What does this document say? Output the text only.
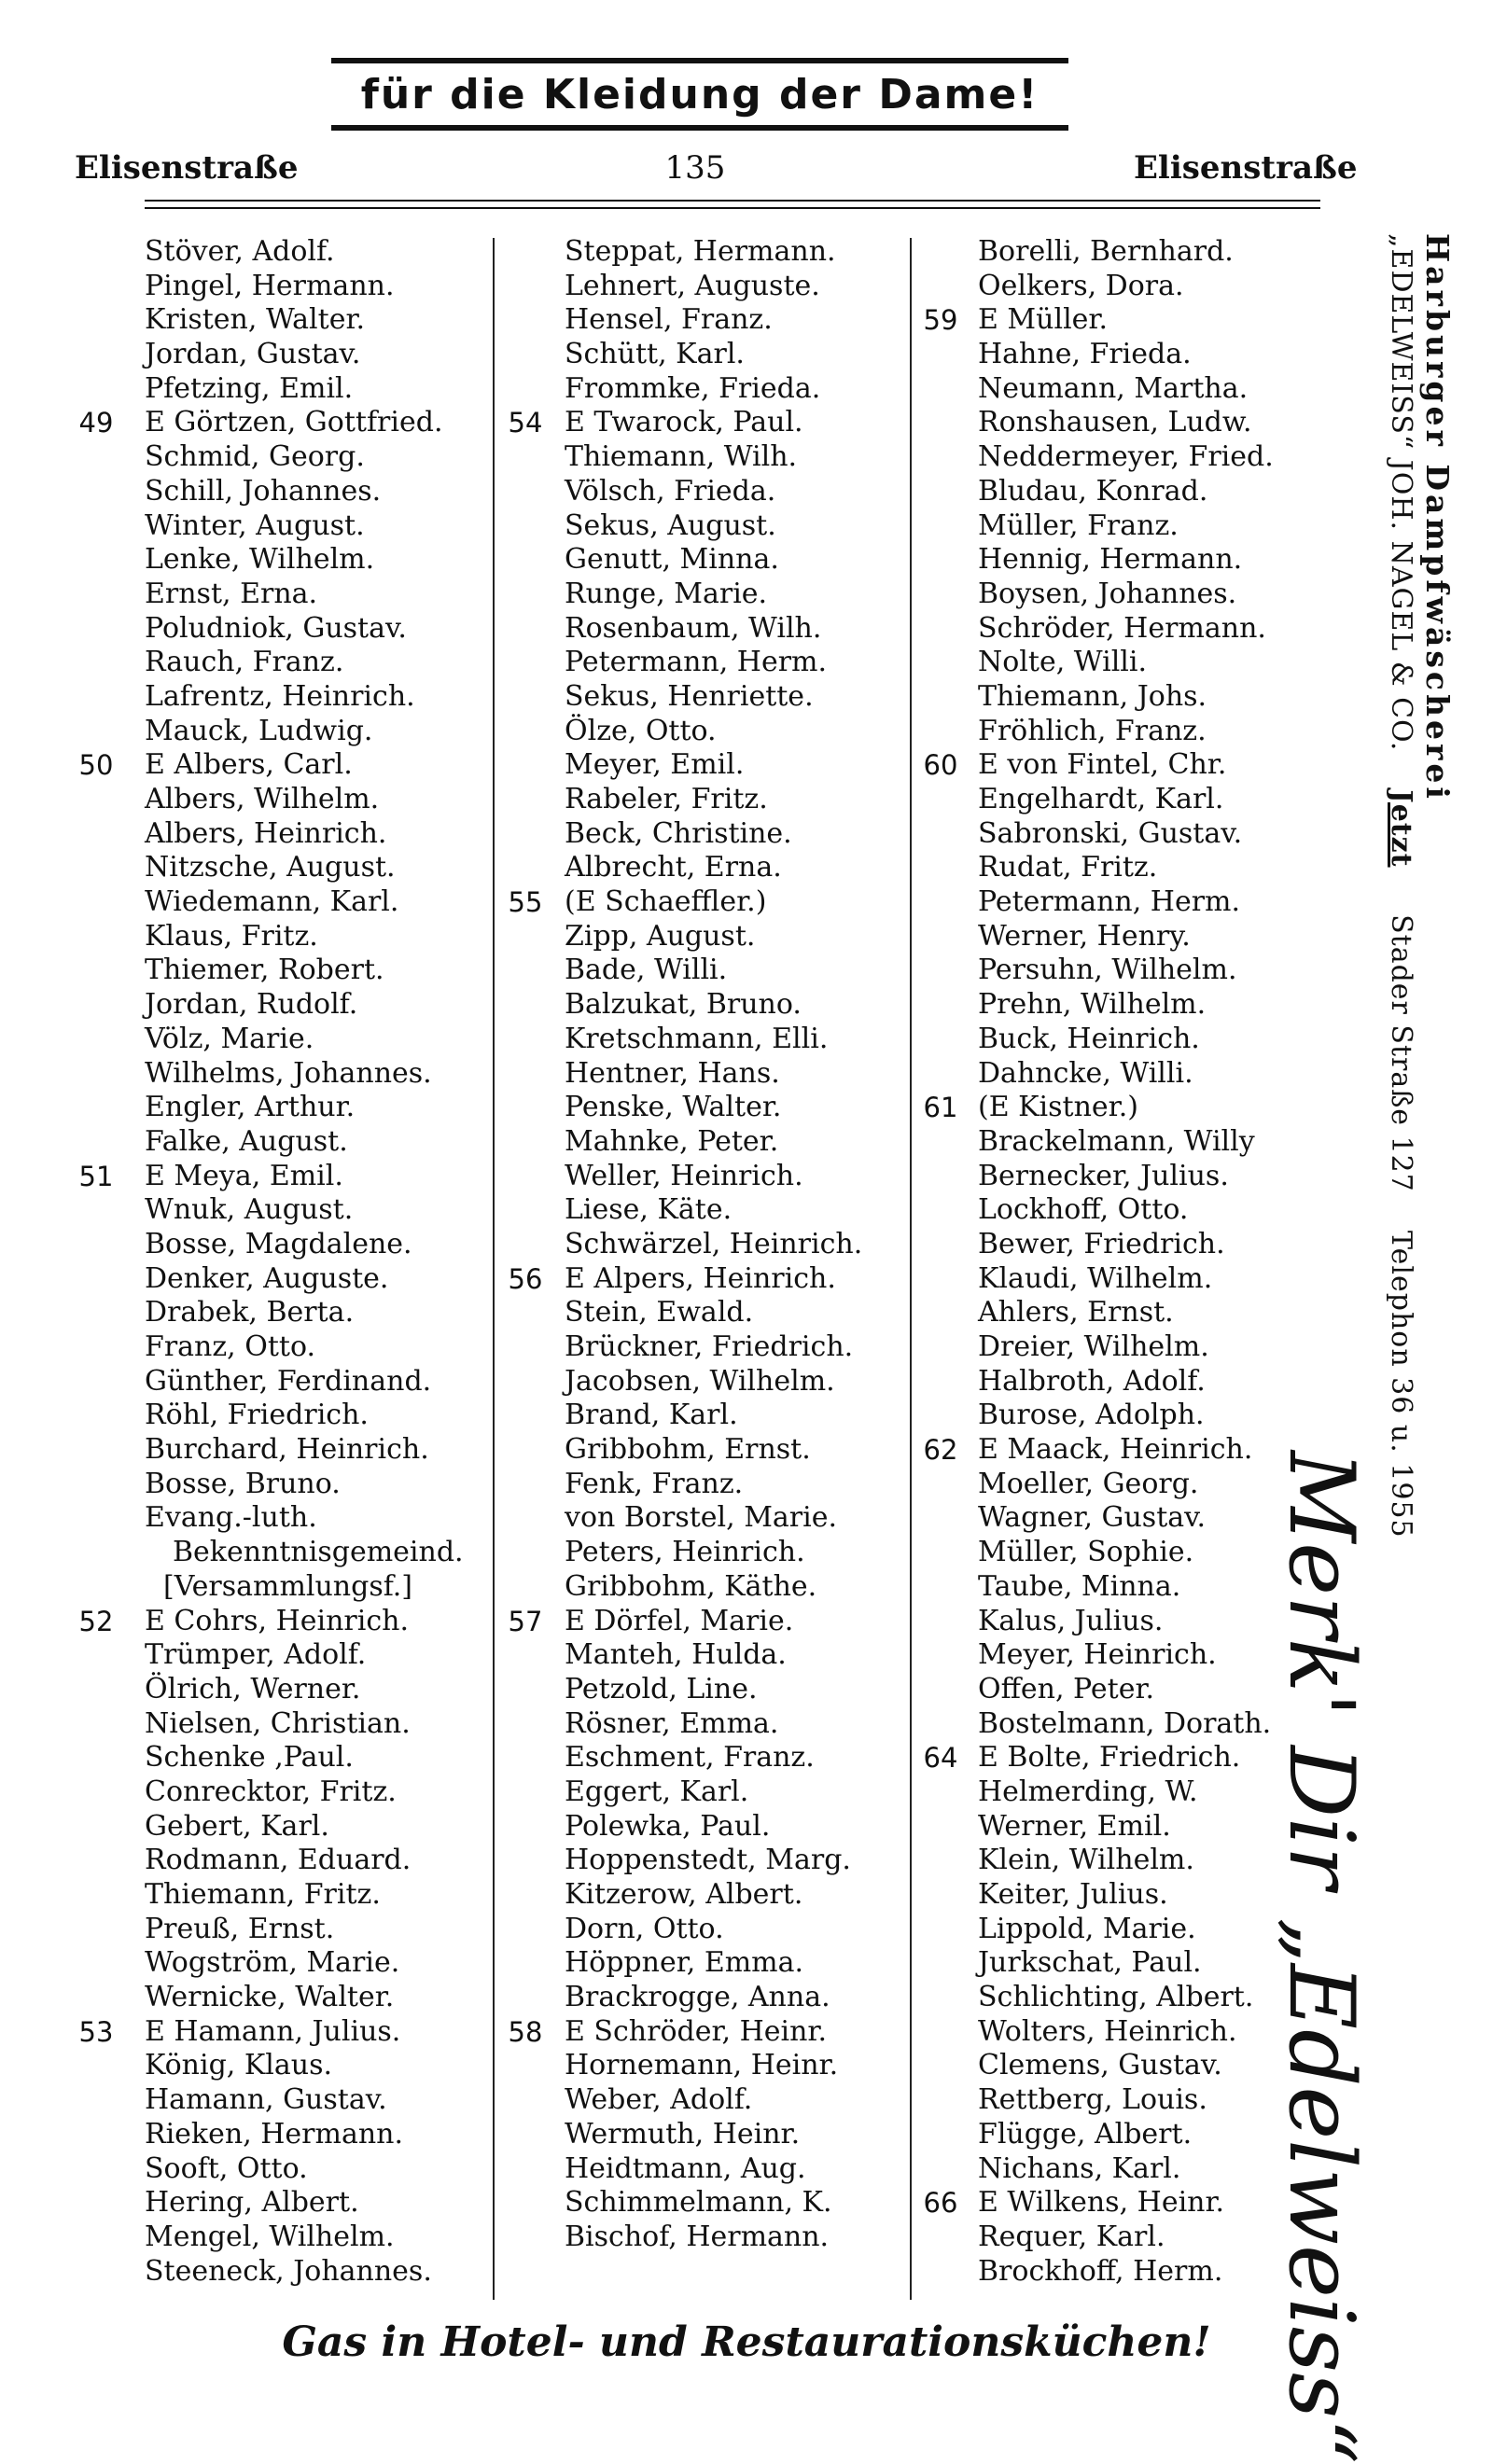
für die Kleidung der Dame!
Elisenstraße	135	Elisenstraße
Stöver, Adolf.
Pingel, Hermann.
Kristen, Walter.
Jordan, Gustav.
Pfetzing, Emil.
49	E Görtzen, Gottfried.
Schmid, Georg.
Schill, Johannes.
Winter, August.
Lenke, Wilhelm.
Ernst, Erna.
Poludniok, Gustav.
Rauch, Franz.
Lafrentz, Heinrich.
Mauck, Ludwig.
50	E Albers, Carl.
Albers, Wilhelm.
Albers, Heinrich.
Nitzsche, August.
Wiedemann, Karl.
Klaus, Fritz.
Thiemer, Robert.
Jordan, Rudolf.
Völz, Marie.
Wilhelms, Johannes.
Engler, Arthur.
Falke, August.
51	E Meya, Emil.
Wnuk, August.
Bosse, Magdalene.
Denker, Auguste.
Drabek, Berta.
Franz, Otto.
Günther, Ferdinand.
Röhl, Friedrich.
Burchard, Heinrich.
Bosse, Bruno.
Evang.-luth.
Bekenntnisgemeind.
[Versammlungsf.]
52	E Cohrs, Heinrich.
Trümper, Adolf.
Ölrich, Werner.
Nielsen, Christian.
Schenke ,Paul.
Conrecktor, Fritz.
Gebert, Karl.
Rodmann, Eduard.
Thiemann, Fritz.
Preuß, Ernst.
Wogström, Marie.
Wernicke, Walter.
53	E Hamann, Julius.
König, Klaus.
Hamann, Gustav.
Rieken, Hermann.
Sooft, Otto.
Hering, Albert.
Mengel, Wilhelm.
Steeneck, Johannes.
Steppat, Hermann.
Lehnert, Auguste.
Hensel, Franz.
Schütt, Karl.
Frommke, Frieda.
54 E Twarock, Paul.
Thiemann, Wilh.
Völsch, Frieda.
Sekus, August.
Genutt, Minna.
Runge, Marie.
Rosenbaum, Wilh.
Petermann, Herm.
Sekus, Henriette.
Ölze, Otto.
Meyer, Emil.
Rabeler, Fritz.
Beck, Christine.
Albrecht, Erna.
55 (E Schaeffler.)
Zipp, August.
Bade, Willi.
Balzukat, Bruno.
Kretschmann, Elli.
Hentner, Hans.
Penske, Walter.
Mahnke, Peter.
Weller, Heinrich.
Liese, Käte.
Schwärzel, Heinrich.
56 E Alpers, Heinrich.
Stein, Ewald.
Brückner, Friedrich.
Jacobsen, Wilhelm.
Brand, Karl.
Gribbohm, Ernst.
Fenk, Franz.
von Borstel, Marie.
Peters, Heinrich.
Gribbohm, Käthe.
57 E Dörfel, Marie.
Manteh, Hulda.
Petzold, Line.
Rösner, Emma.
Eschment, Franz.
Eggert, Karl.
Polewka, Paul.
Hoppenstedt, Marg.
Kitzerow, Albert.
Dorn, Otto.
Höppner, Emma.
Brackrogge, Anna.
58 E Schröder, Heinr.
Hornemann, Heinr.
Weber, Adolf.
Wermuth, Heinr.
Heidtmann, Aug.
Schimmelmann, K.
Bischof, Hermann.
Borelli, Bernhard.
Oelkers, Dora.
59 E Müller.
Hahne, Frieda.
Neumann, Martha.
Ronshausen, Ludw.
Neddermeyer, Fried.
Bludau, Konrad.
Müller, Franz.
Hennig, Hermann.
Boysen, Johannes.
Schröder, Hermann.
Nolte, Willi.
Thiemann, Johs.
Fröhlich, Franz.
60 E von Fintel, Chr.
Engelhardt, Karl.
Sabronski, Gustav.
Rudat, Fritz.
Petermann, Herm.
Werner, Henry.
Persuhn, Wilhelm.
Prehn, Wilhelm.
Buck, Heinrich.
Dahncke, Willi.
61 (E Kistner.)
Brackelmann, Willy
Bernecker, Julius.
Lockhoff, Otto.
Bewer, Friedrich.
Klaudi, Wilhelm.
Ahlers, Ernst.
Dreier, Wilhelm.
Halbroth, Adolf.
Burose, Adolph.
62 E Maack, Heinrich.
Moeller, Georg.
Wagner, Gustav.
Müller, Sophie.
Taube, Minna.
Kalus, Julius.
Meyer, Heinrich.
Offen, Peter.
Bostelmann, Dorath.
64 E Bolte, Friedrich.
Helmerding, W.
Werner, Emil.
Klein, Wilhelm.
Keiter, Julius.
Lippold, Marie.
Jurkschat, Paul.
Schlichting, Albert.
Wolters, Heinrich.
Clemens, Gustav.
Rettberg, Louis.
Flügge, Albert.
Nichans, Karl.
66 E Wilkens, Heinr.
Requer, Karl.
Brockhoff, Herm.
Harburger Dampfwäscherei
„EDELWEISS“ JOH. NAGEL & CO.  Jetzt Stader Straße 127  Telephon 36 u. 1955
Merk' Dir „Edelweiss“
Gas in Hotel- und Restaurationsküchen!
